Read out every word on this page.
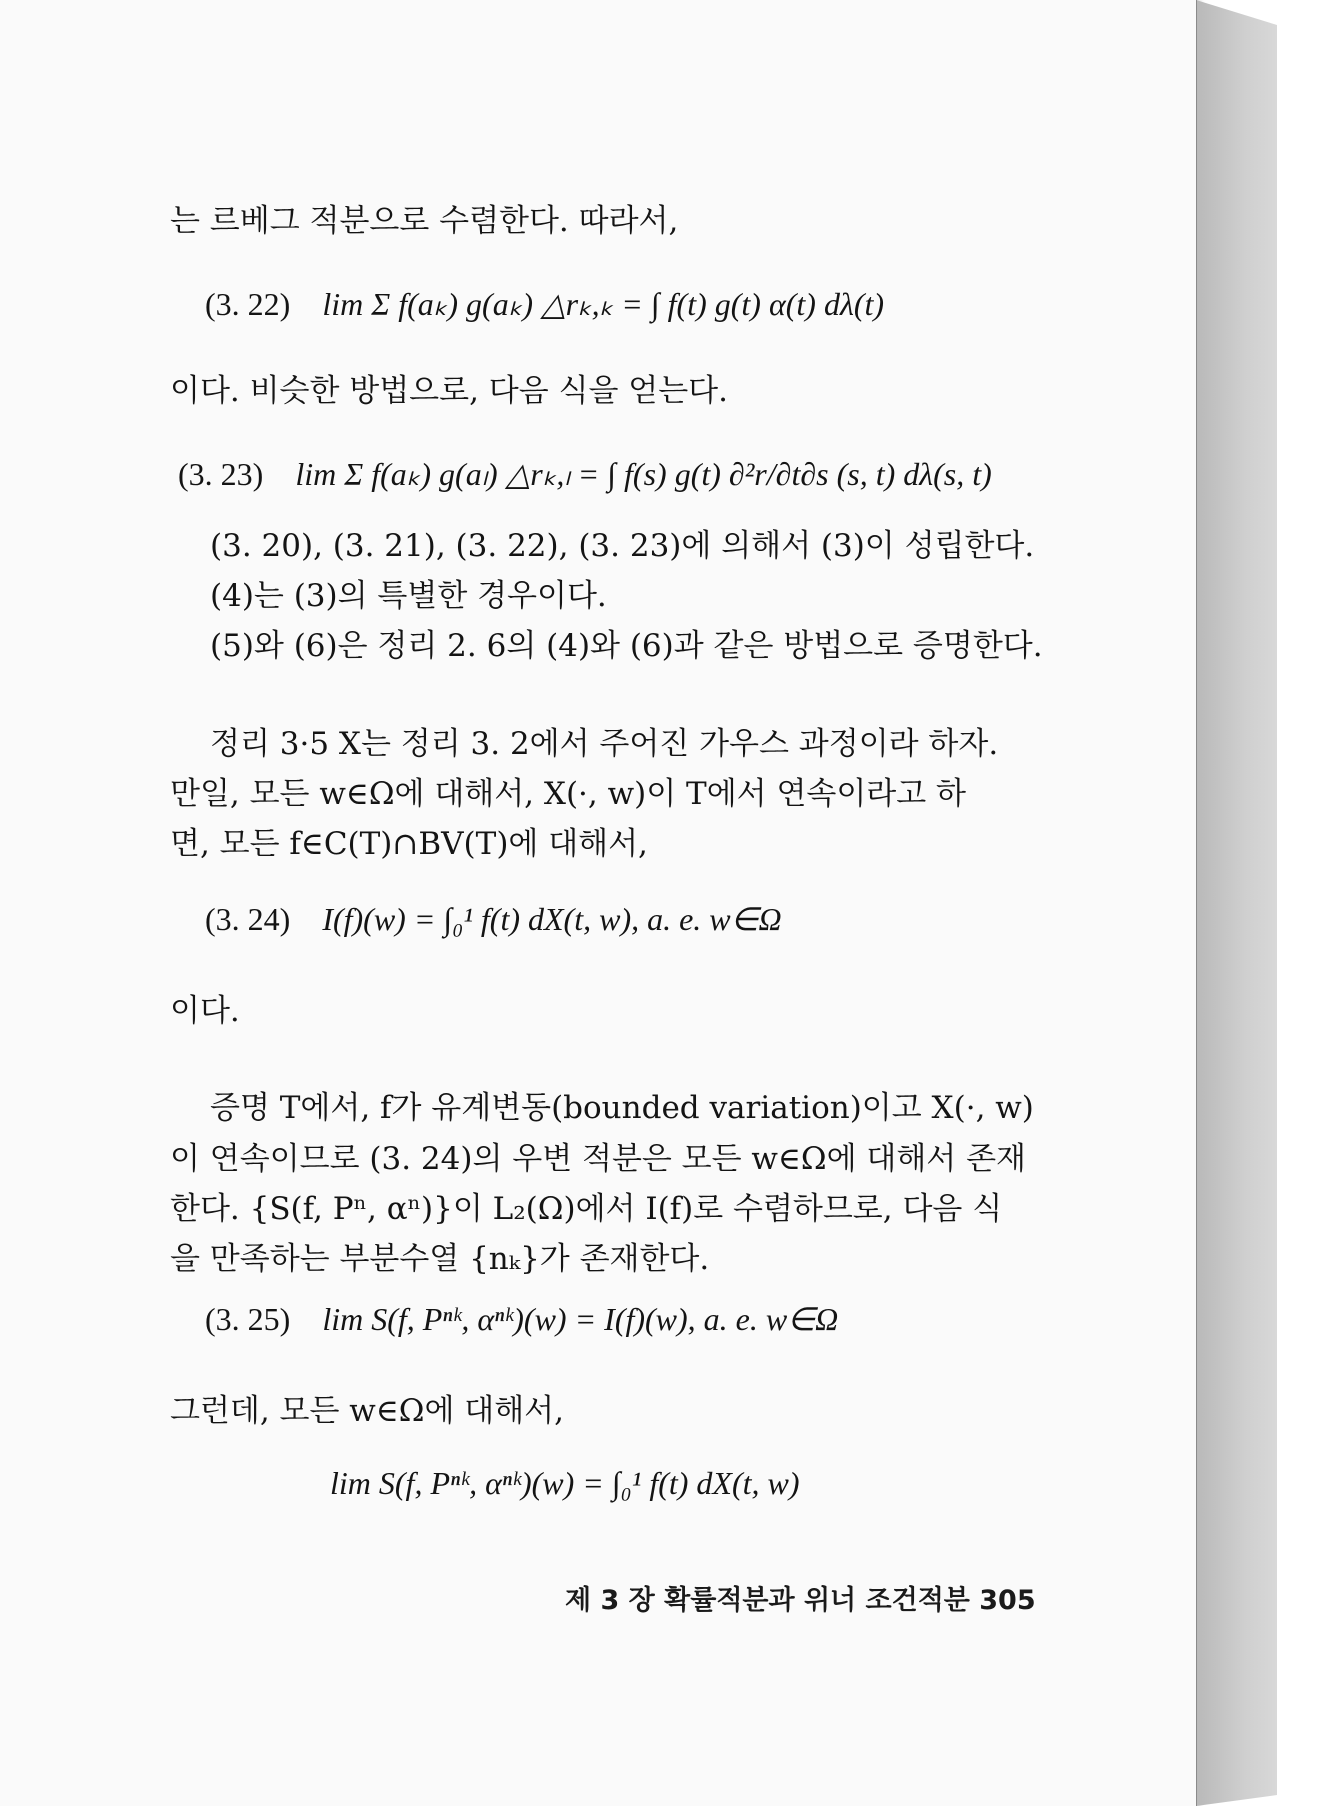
는 르베그 적분으로 수렴한다. 따라서,
(3. 22) lim Σ f(aₖ) g(aₖ) △rₖ,ₖ = ∫ f(t) g(t) α(t) dλ(t)
이다. 비슷한 방법으로, 다음 식을 얻는다.
(3. 23) lim Σ f(aₖ) g(aₗ) △rₖ,ₗ = ∫ f(s) g(t) ∂²r/∂t∂s (s, t) dλ(s, t)
(3. 20), (3. 21), (3. 22), (3. 23)에 의해서 (3)이 성립한다.
(4)는 (3)의 특별한 경우이다.
(5)와 (6)은 정리 2. 6의 (4)와 (6)과 같은 방법으로 증명한다.
정리 3·5 X는 정리 3. 2에서 주어진 가우스 과정이라 하자.
만일, 모든 w∈Ω에 대해서, X(·, w)이 T에서 연속이라고 하
면, 모든 f∈C(T)∩BV(T)에 대해서,
(3. 24) I(f)(w) = ∫₀¹ f(t) dX(t, w), a. e. w∈Ω
이다.
증명 T에서, f가 유계변동(bounded variation)이고 X(·, w)
이 연속이므로 (3. 24)의 우변 적분은 모든 w∈Ω에 대해서 존재
한다. {S(f, Pⁿ, αⁿ)}이 L₂(Ω)에서 I(f)로 수렴하므로, 다음 식
을 만족하는 부분수열 {nₖ}가 존재한다.
(3. 25) lim S(f, Pⁿᵏ, αⁿᵏ)(w) = I(f)(w), a. e. w∈Ω
그런데, 모든 w∈Ω에 대해서,
lim S(f, Pⁿᵏ, αⁿᵏ)(w) = ∫₀¹ f(t) dX(t, w)
제 3 장 확률적분과 위너 조건적분 305
